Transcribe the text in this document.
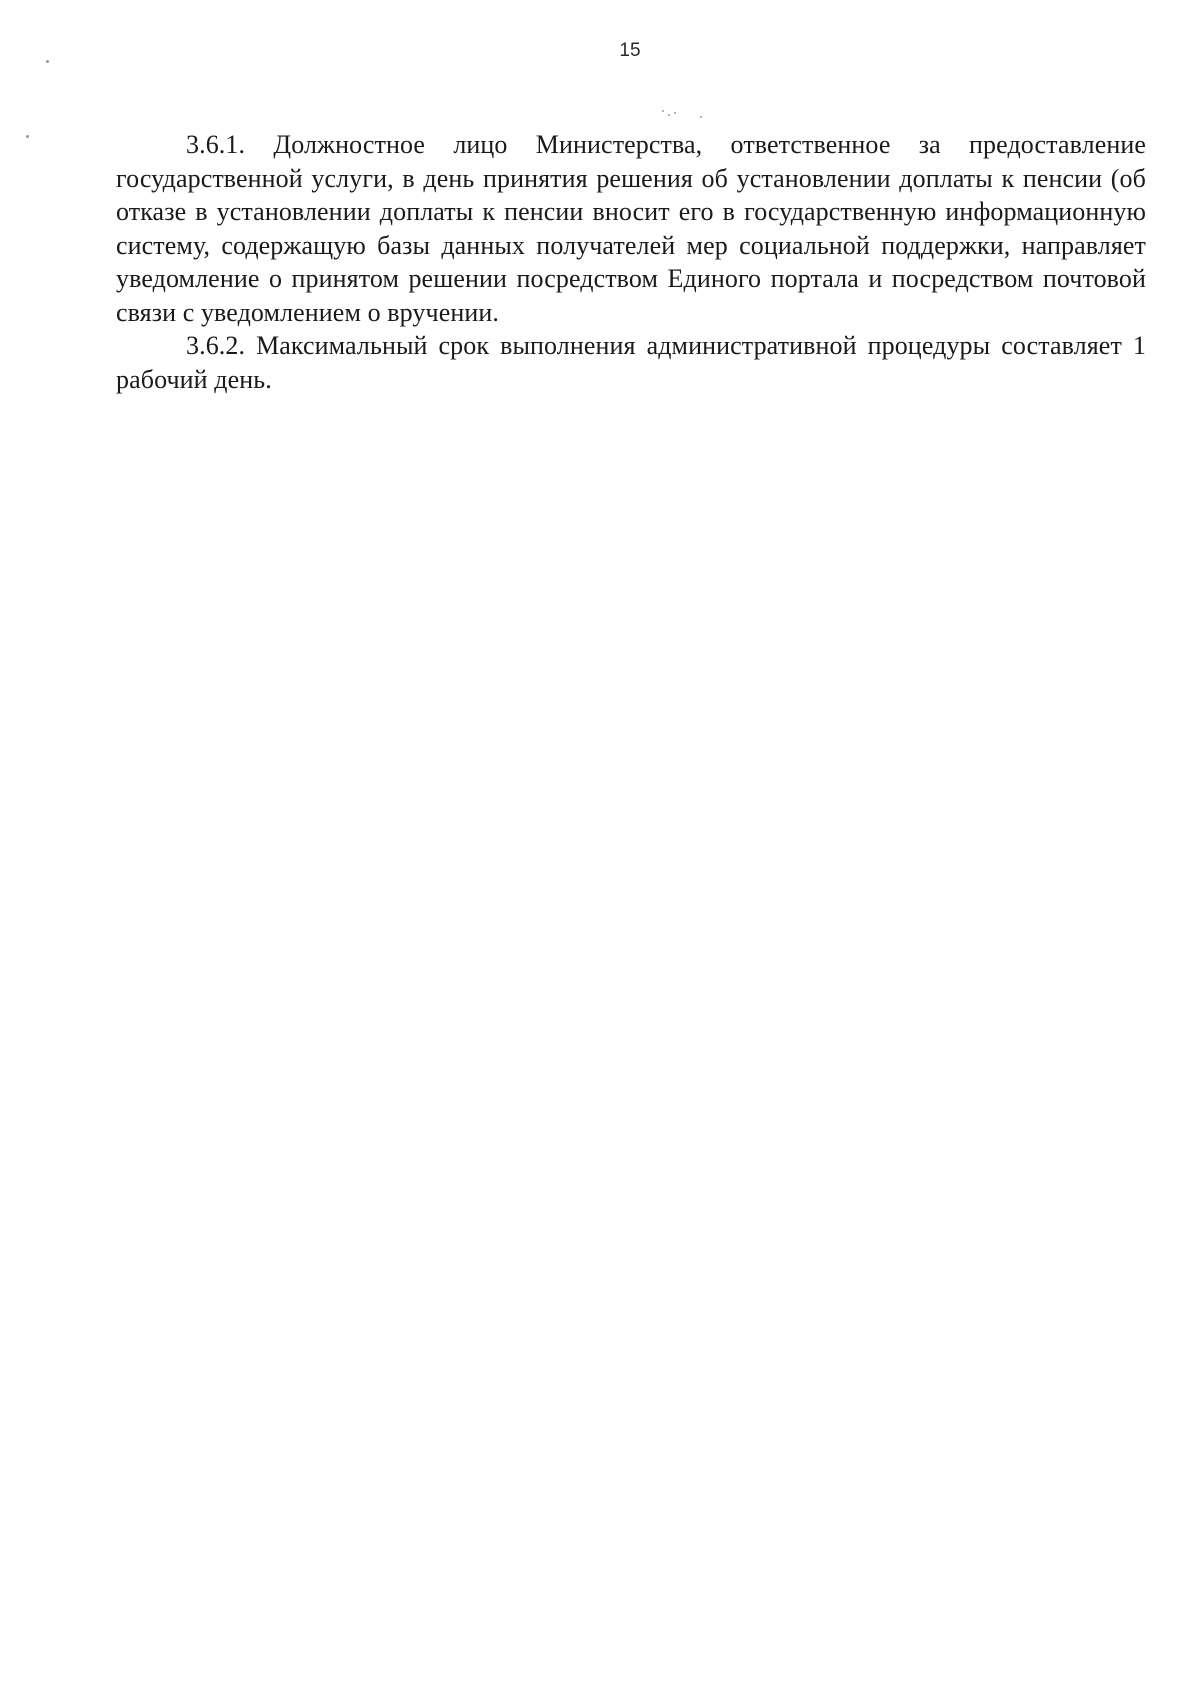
15

3.6.1. Должностное лицо Министерства, ответственное за предоставление государственной услуги, в день принятия решения об установлении доплаты к пенсии (об отказе в установлении доплаты к пенсии вносит его в государственную информационную систему, содержащую базы данных получателей мер социальной поддержки, направляет уведомление о принятом решении посредством Единого портала и посредством почтовой связи с уведомлением о вручении.

3.6.2. Максимальный срок выполнения административной процедуры составляет 1 рабочий день.
